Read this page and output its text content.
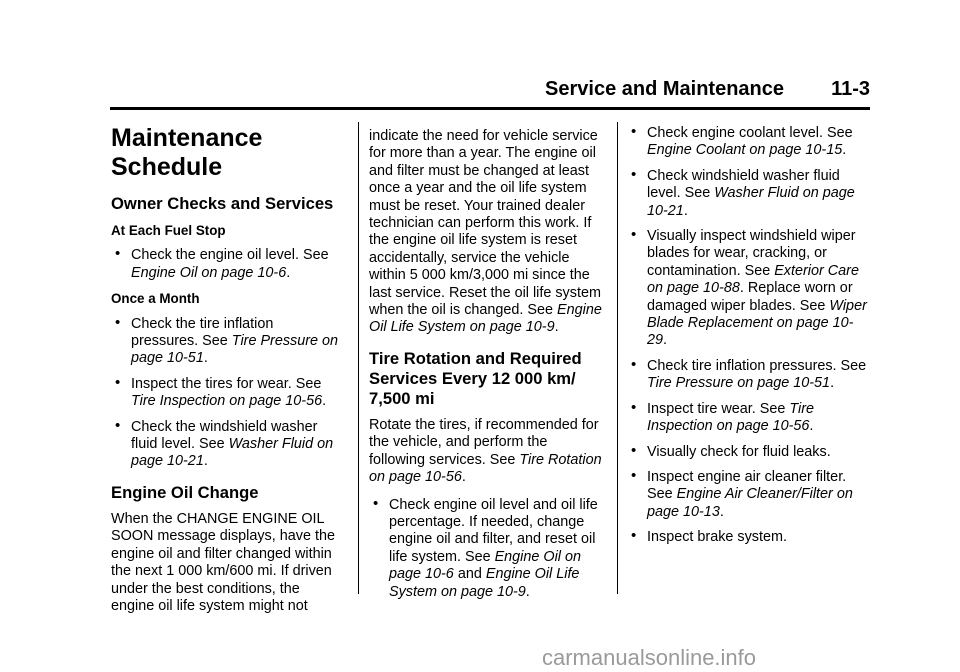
Service and Maintenance 11-3
Maintenance Schedule
Owner Checks and Services
At Each Fuel Stop
• Check the engine oil level. See Engine Oil on page 10-6.
Once a Month
• Check the tire inflation pressures. See Tire Pressure on page 10-51.
• Inspect the tires for wear. See Tire Inspection on page 10-56.
• Check the windshield washer fluid level. See Washer Fluid on page 10-21.
Engine Oil Change

When the CHANGE ENGINE OIL SOON message displays, have the engine oil and filter changed within the next 1 000 km/600 mi. If driven under the best conditions, the engine oil life system might not

indicate the need for vehicle service for more than a year. The engine oil and filter must be changed at least once a year and the oil life system must be reset. Your trained dealer technician can perform this work. If the engine oil life system is reset accidentally, service the vehicle within 5 000 km/3,000 mi since the last service. Reset the oil life system when the oil is changed. See Engine Oil Life System on page 10-9.

Tire Rotation and Required Services Every 12 000 km/ 7,500 mi

Rotate the tires, if recommended for the vehicle, and perform the following services. See Tire Rotation on page 10-56.

• Check engine oil level and oil life percentage. If needed, change engine oil and filter, and reset oil life system. See Engine Oil on page 10-6 and Engine Oil Life System on page 10-9.
• Check engine coolant level. See Engine Coolant on page 10-15.
• Check windshield washer fluid level. See Washer Fluid on page 10-21.
• Visually inspect windshield wiper blades for wear, cracking, or contamination. See Exterior Care on page 10-88. Replace worn or damaged wiper blades. See Wiper Blade Replacement on page 10-29.
• Check tire inflation pressures. See Tire Pressure on page 10-51.
• Inspect tire wear. See Tire Inspection on page 10-56.
• Visually check for fluid leaks.
• Inspect engine air cleaner filter. See Engine Air Cleaner/Filter on page 10-13.
• Inspect brake system.
carmanualsonline.info
